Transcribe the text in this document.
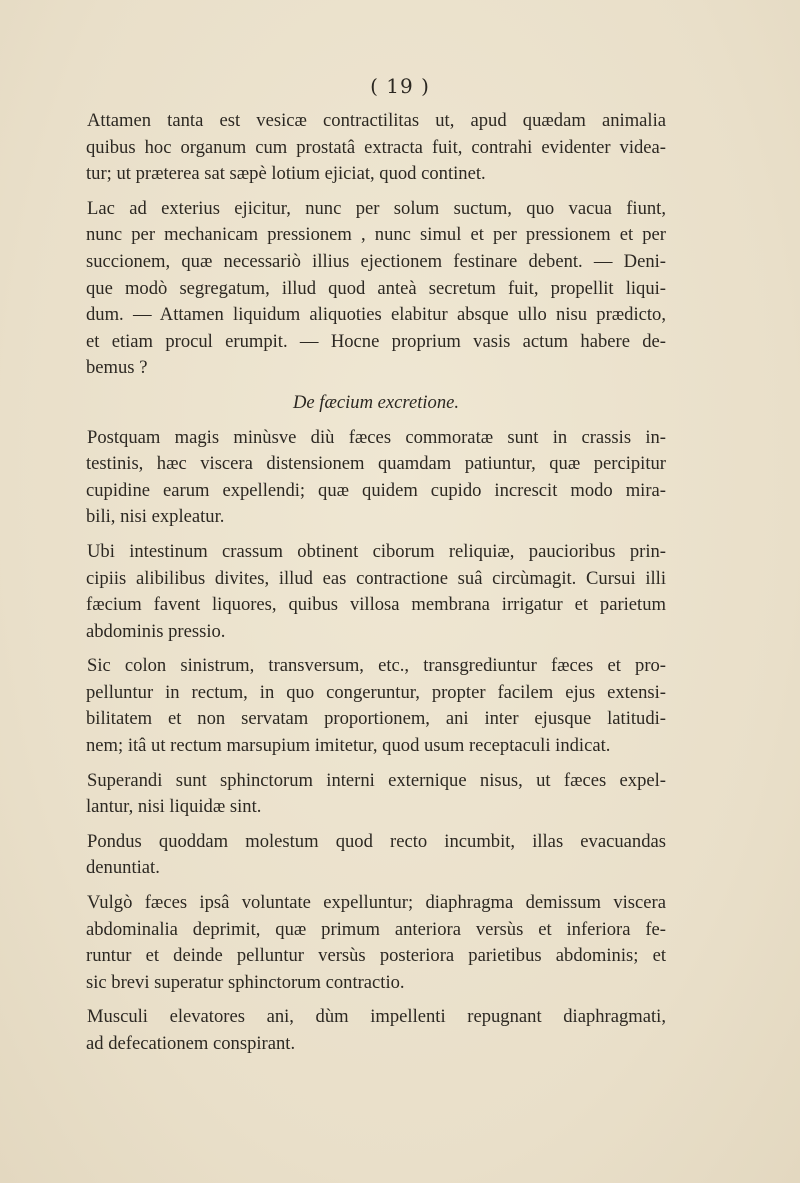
( 19 )
Attamen tanta est vesicæ contractilitas ut, apud quædam animalia
quibus hoc organum cum prostatâ extracta fuit, contrahi evidenter videa-
tur; ut præterea sat sæpè lotium ejiciat, quod continet.
Lac ad exterius ejicitur, nunc per solum suctum, quo vacua fiunt,
nunc per mechanicam pressionem , nunc simul et per pressionem et per
succionem, quæ necessariò illius ejectionem festinare debent. — Deni-
que modò segregatum, illud quod anteà secretum fuit, propellit liqui-
dum. — Attamen liquidum aliquoties elabitur absque ullo nisu prædicto,
et etiam procul erumpit. — Hocne proprium vasis actum habere de-
bemus ?
De fæcium excretione.
Postquam magis minùsve diù fæces commoratæ sunt in crassis in-
testinis, hæc viscera distensionem quamdam patiuntur, quæ percipitur
cupidine earum expellendi; quæ quidem cupido increscit modo mira-
bili, nisi expleatur.
Ubi intestinum crassum obtinent ciborum reliquiæ, paucioribus prin-
cipiis alibilibus divites, illud eas contractione suâ circùmagit. Cursui illi
fæcium favent liquores, quibus villosa membrana irrigatur et parietum
abdominis pressio.
Sic colon sinistrum, transversum, etc., transgrediuntur fæces et pro-
pelluntur in rectum, in quo congeruntur, propter facilem ejus extensi-
bilitatem et non servatam proportionem, ani inter ejusque latitudi-
nem; itâ ut rectum marsupium imitetur, quod usum receptaculi indicat.
Superandi sunt sphinctorum interni externique nisus, ut fæces expel-
lantur, nisi liquidæ sint.
Pondus quoddam molestum quod recto incumbit, illas evacuandas
denuntiat.
Vulgò fæces ipsâ voluntate expelluntur; diaphragma demissum viscera
abdominalia deprimit, quæ primum anteriora versùs et inferiora fe-
runtur et deinde pelluntur versùs posteriora parietibus abdominis; et
sic brevi superatur sphinctorum contractio.
Musculi elevatores ani, dùm impellenti repugnant diaphragmati,
ad defecationem conspirant.
